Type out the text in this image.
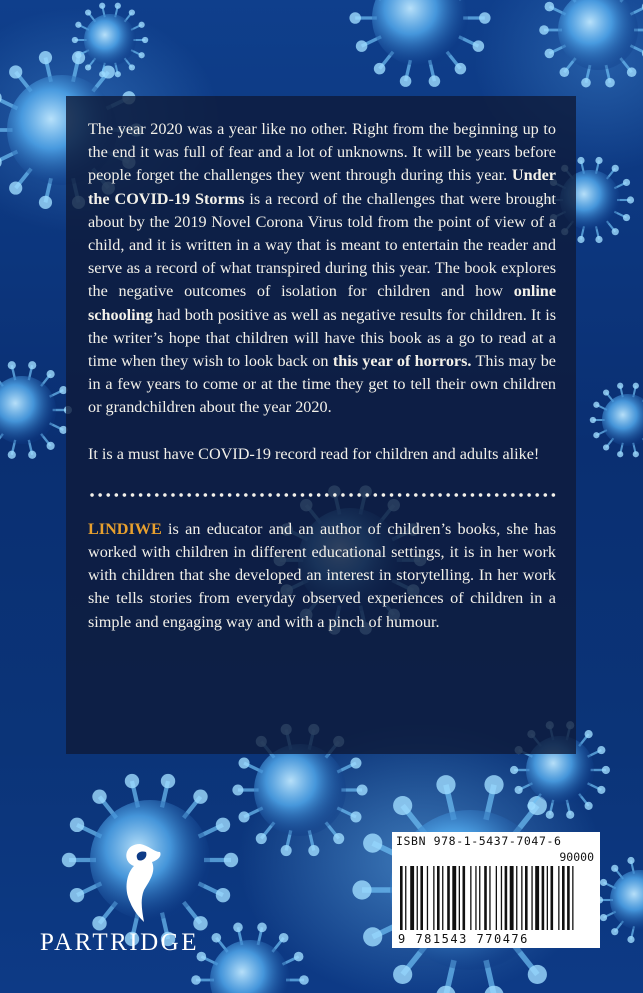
The year 2020 was a year like no other. Right from the beginning up to the end it was full of fear and a lot of unknowns. It will be years before people forget the challenges they went through during this year. Under the COVID-19 Storms is a record of the challenges that were brought about by the 2019 Novel Corona Virus told from the point of view of a child, and it is written in a way that is meant to entertain the reader and serve as a record of what transpired during this year. The book explores the negative outcomes of isolation for children and how online schooling had both positive as well as negative results for children. It is the writer’s hope that children will have this book as a go to read at a time when they wish to look back on this year of horrors. This may be in a few years to come or at the time they get to tell their own children or grandchildren about the year 2020.

It is a must have COVID-19 record read for children and adults alike!

LINDIWE is an educator and an author of children’s books, she has worked with children in different educational settings, it is in her work with children that she developed an interest in storytelling. In her work she tells stories from everyday observed experiences of children in a simple and engaging way and with a pinch of humour.

PARTRIDGE
ISBN 978-1-5437-7047-6
90000
9 781543 770476
